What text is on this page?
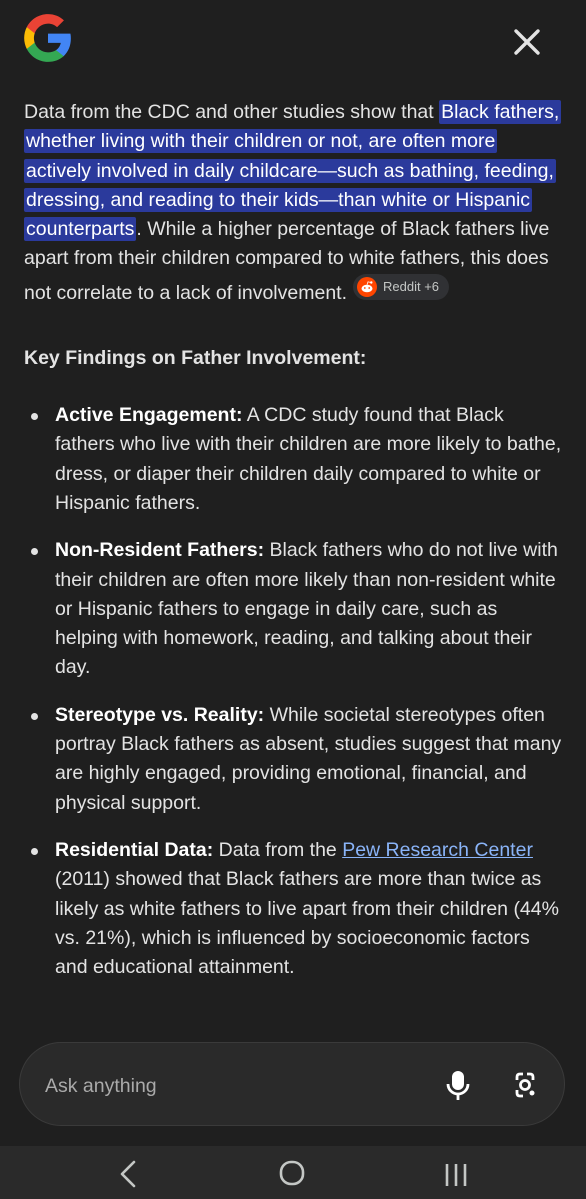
Data from the CDC and other studies show that Black fathers, whether living with their children or not, are often more actively involved in daily childcare—such as bathing, feeding, dressing, and reading to their kids—than white or Hispanic counterparts . While a higher percentage of Black fathers live apart from their children compared to white fathers, this does not correlate to a lack of involvement.	Reddit +6

Key Findings on Father Involvement:
Active Engagement: A CDC study found that Black fathers who live with their children are more likely to bathe, dress, or diaper their children daily compared to white or Hispanic fathers.
Non-Resident Fathers: Black fathers who do not live with their children are often more likely than non-resident white or Hispanic fathers to engage in daily care, such as helping with homework, reading, and talking about their day.
Stereotype vs. Reality: While societal stereotypes often portray Black fathers as absent, studies suggest that many are highly engaged, providing emotional, financial, and physical support.
Residential Data: Data from the Pew Research Center (2011) showed that Black fathers are more than twice as likely as white fathers to live apart from their children (44% vs. 21%), which is influenced by socioeconomic factors and educational attainment.
Ask anything
